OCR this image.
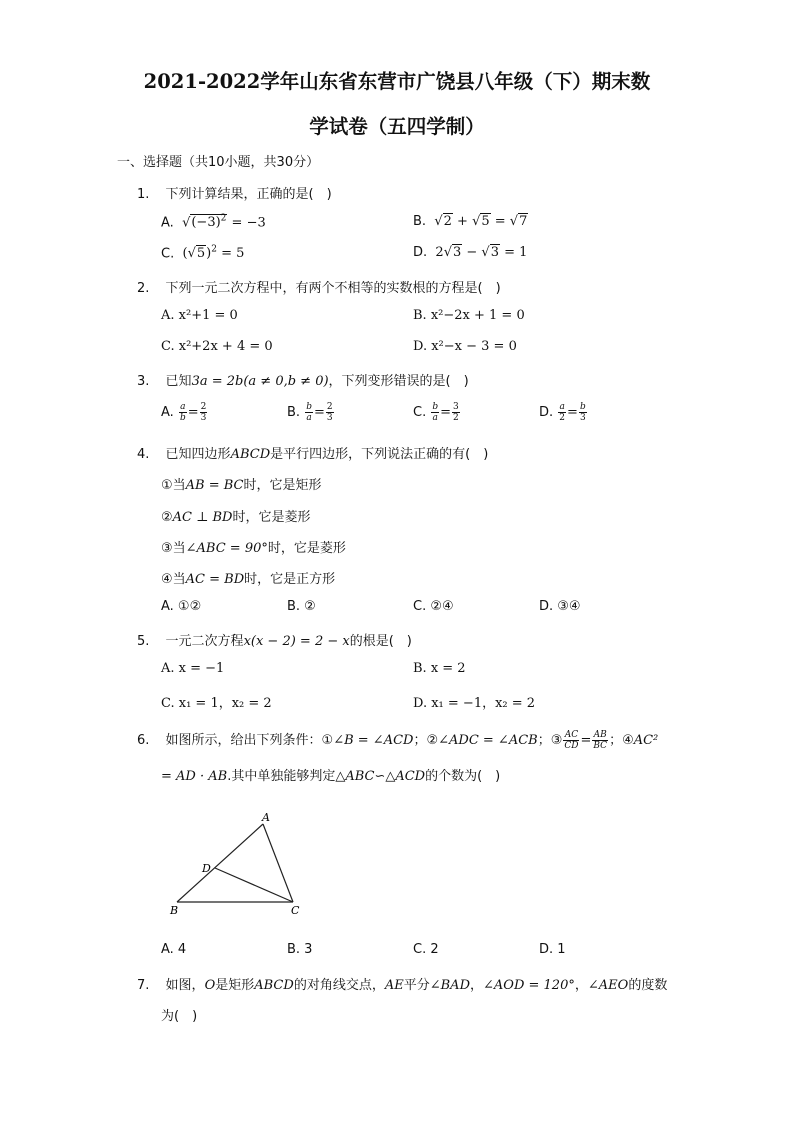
2021-2022学年山东省东营市广饶县八年级（下）期末数
学试卷（五四学制）
一、选择题（共10小题，共30分）
1. 下列计算结果，正确的是(　)
A.  $√(-3)^2 = -3$	B.  √2 + √5 = √7
C.  $(√5)^2 = 5$	D.  2√3 − √3 = 1
2. 下列一元二次方程中，有两个不相等的实数根的方程是(　)
A. x²+1 = 0	B. x²−2x + 1 = 0
C. x²+2x + 4 = 0	D. x²−x − 3 = 0
3. 已知3a = 2b(a ≠ 0,b ≠ 0)，下列变形错误的是(　)
A. $\frac{a}{b} = \frac{2}{3}$	B. $\frac{b}{a} = \frac{2}{3}$	C. $\frac{b}{a} = \frac{3}{2}$	D. $\frac{a}{2} = \frac{b}{3}$
4. 已知四边形ABCD是平行四边形，下列说法正确的有(　)
①当AB = BC时，它是矩形
②AC ⊥ BD时，它是菱形
③当∠ABC = 90°时，它是菱形
④当AC = BD时，它是正方形
A. ①②	B. ②	C. ②④	D. ③④
5. 一元二次方程x(x − 2) = 2 − x的根是(　)
A. x = −1	B. x = 2
C. x₁ = 1，x₂ = 2	D. x₁ = −1，x₂ = 2
6. 如图所示，给出下列条件：①∠B = ∠ACD；②∠ADC = ∠ACB；③ $\frac{AC}{CD} = \frac{AB}{BC}$ ；④AC²
= AD · AB.其中单独能够判定△ABC∽△ACD的个数为(　)
A
B	C
D
A. 4	B. 3	C. 2	D. 1
7. 如图，O是矩形ABCD的对角线交点，AE平分∠BAD，∠AOD = 120°，∠AEO的度数
为(　)
